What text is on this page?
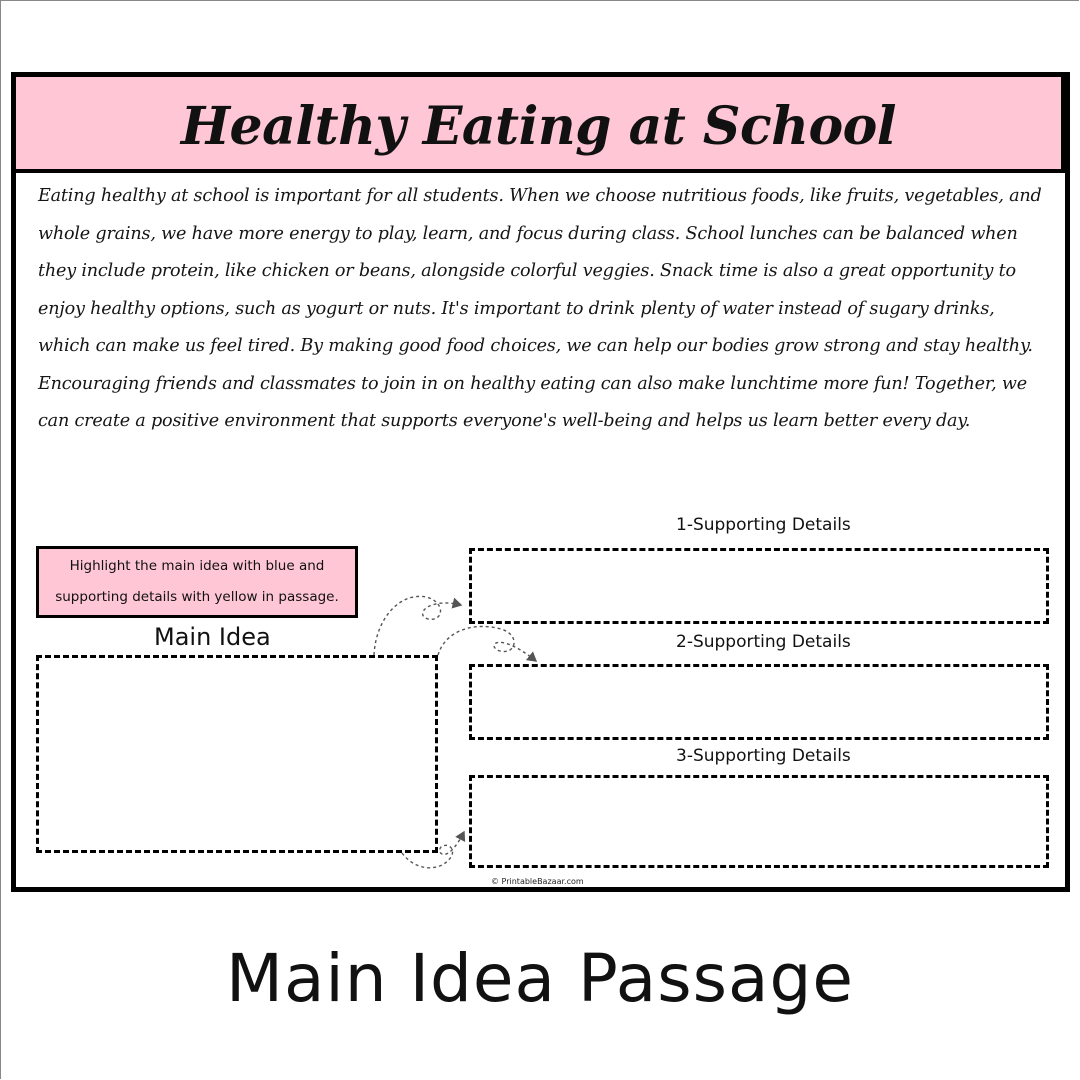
Healthy Eating at School
Eating healthy at school is important for all students. When we choose nutritious foods, like fruits, vegetables, and whole grains, we have more energy to play, learn, and focus during class. School lunches can be balanced when they include protein, like chicken or beans, alongside colorful veggies. Snack time is also a great opportunity to enjoy healthy options, such as yogurt or nuts. It's important to drink plenty of water instead of sugary drinks, which can make us feel tired. By making good food choices, we can help our bodies grow strong and stay healthy. Encouraging friends and classmates to join in on healthy eating can also make lunchtime more fun! Together, we can create a positive environment that supports everyone's well-being and helps us learn better every day.
Highlight the main idea with blue and supporting details with yellow in passage.
Main Idea
1-Supporting Details
2-Supporting Details
3-Supporting Details
© PrintableBazaar.com
Main Idea Passage
